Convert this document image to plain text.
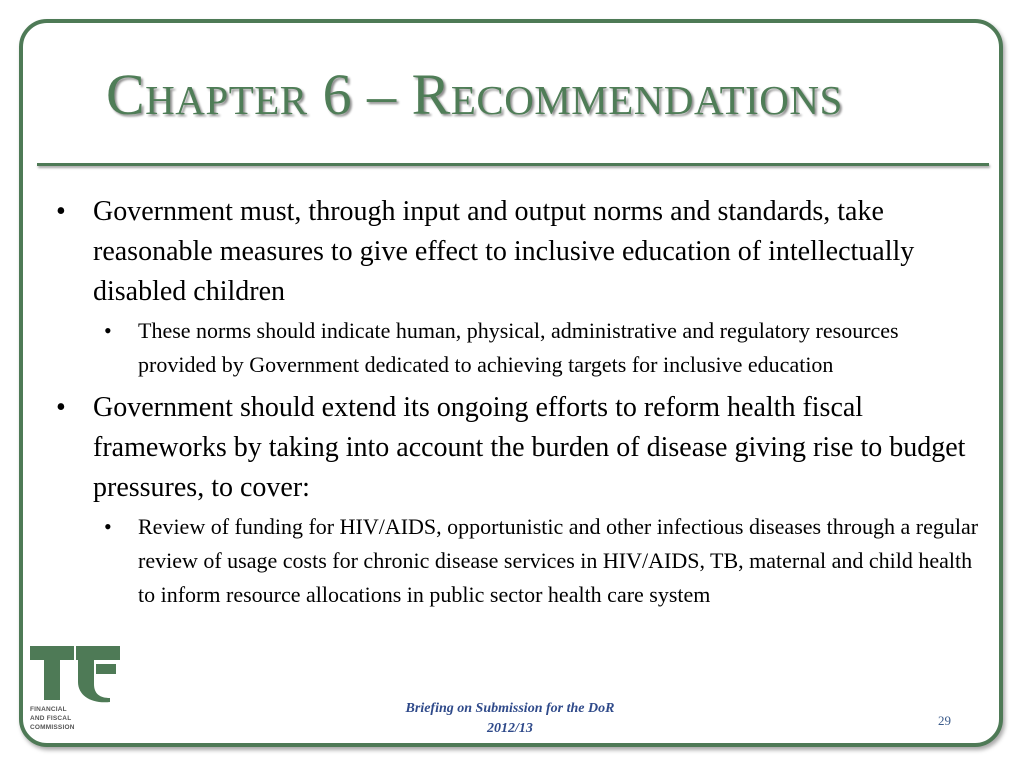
Chapter 6 – Recommendations
• Government must, through input and output norms and standards, take reasonable measures to give effect to inclusive education of intellectually disabled children
• These norms should indicate human, physical, administrative and regulatory resources provided by Government dedicated to achieving targets for inclusive education
• Government should extend its ongoing efforts to reform health fiscal frameworks by taking into account the burden of disease giving rise to budget pressures, to cover:
• Review of funding for HIV/AIDS, opportunistic and other infectious diseases through a regular review of usage costs for chronic disease services in HIV/AIDS, TB, maternal and child health to inform resource allocations in public sector health care system
FINANCIAL
AND FISCAL
COMMISSION
Briefing on Submission for the DoR
2012/13
29
